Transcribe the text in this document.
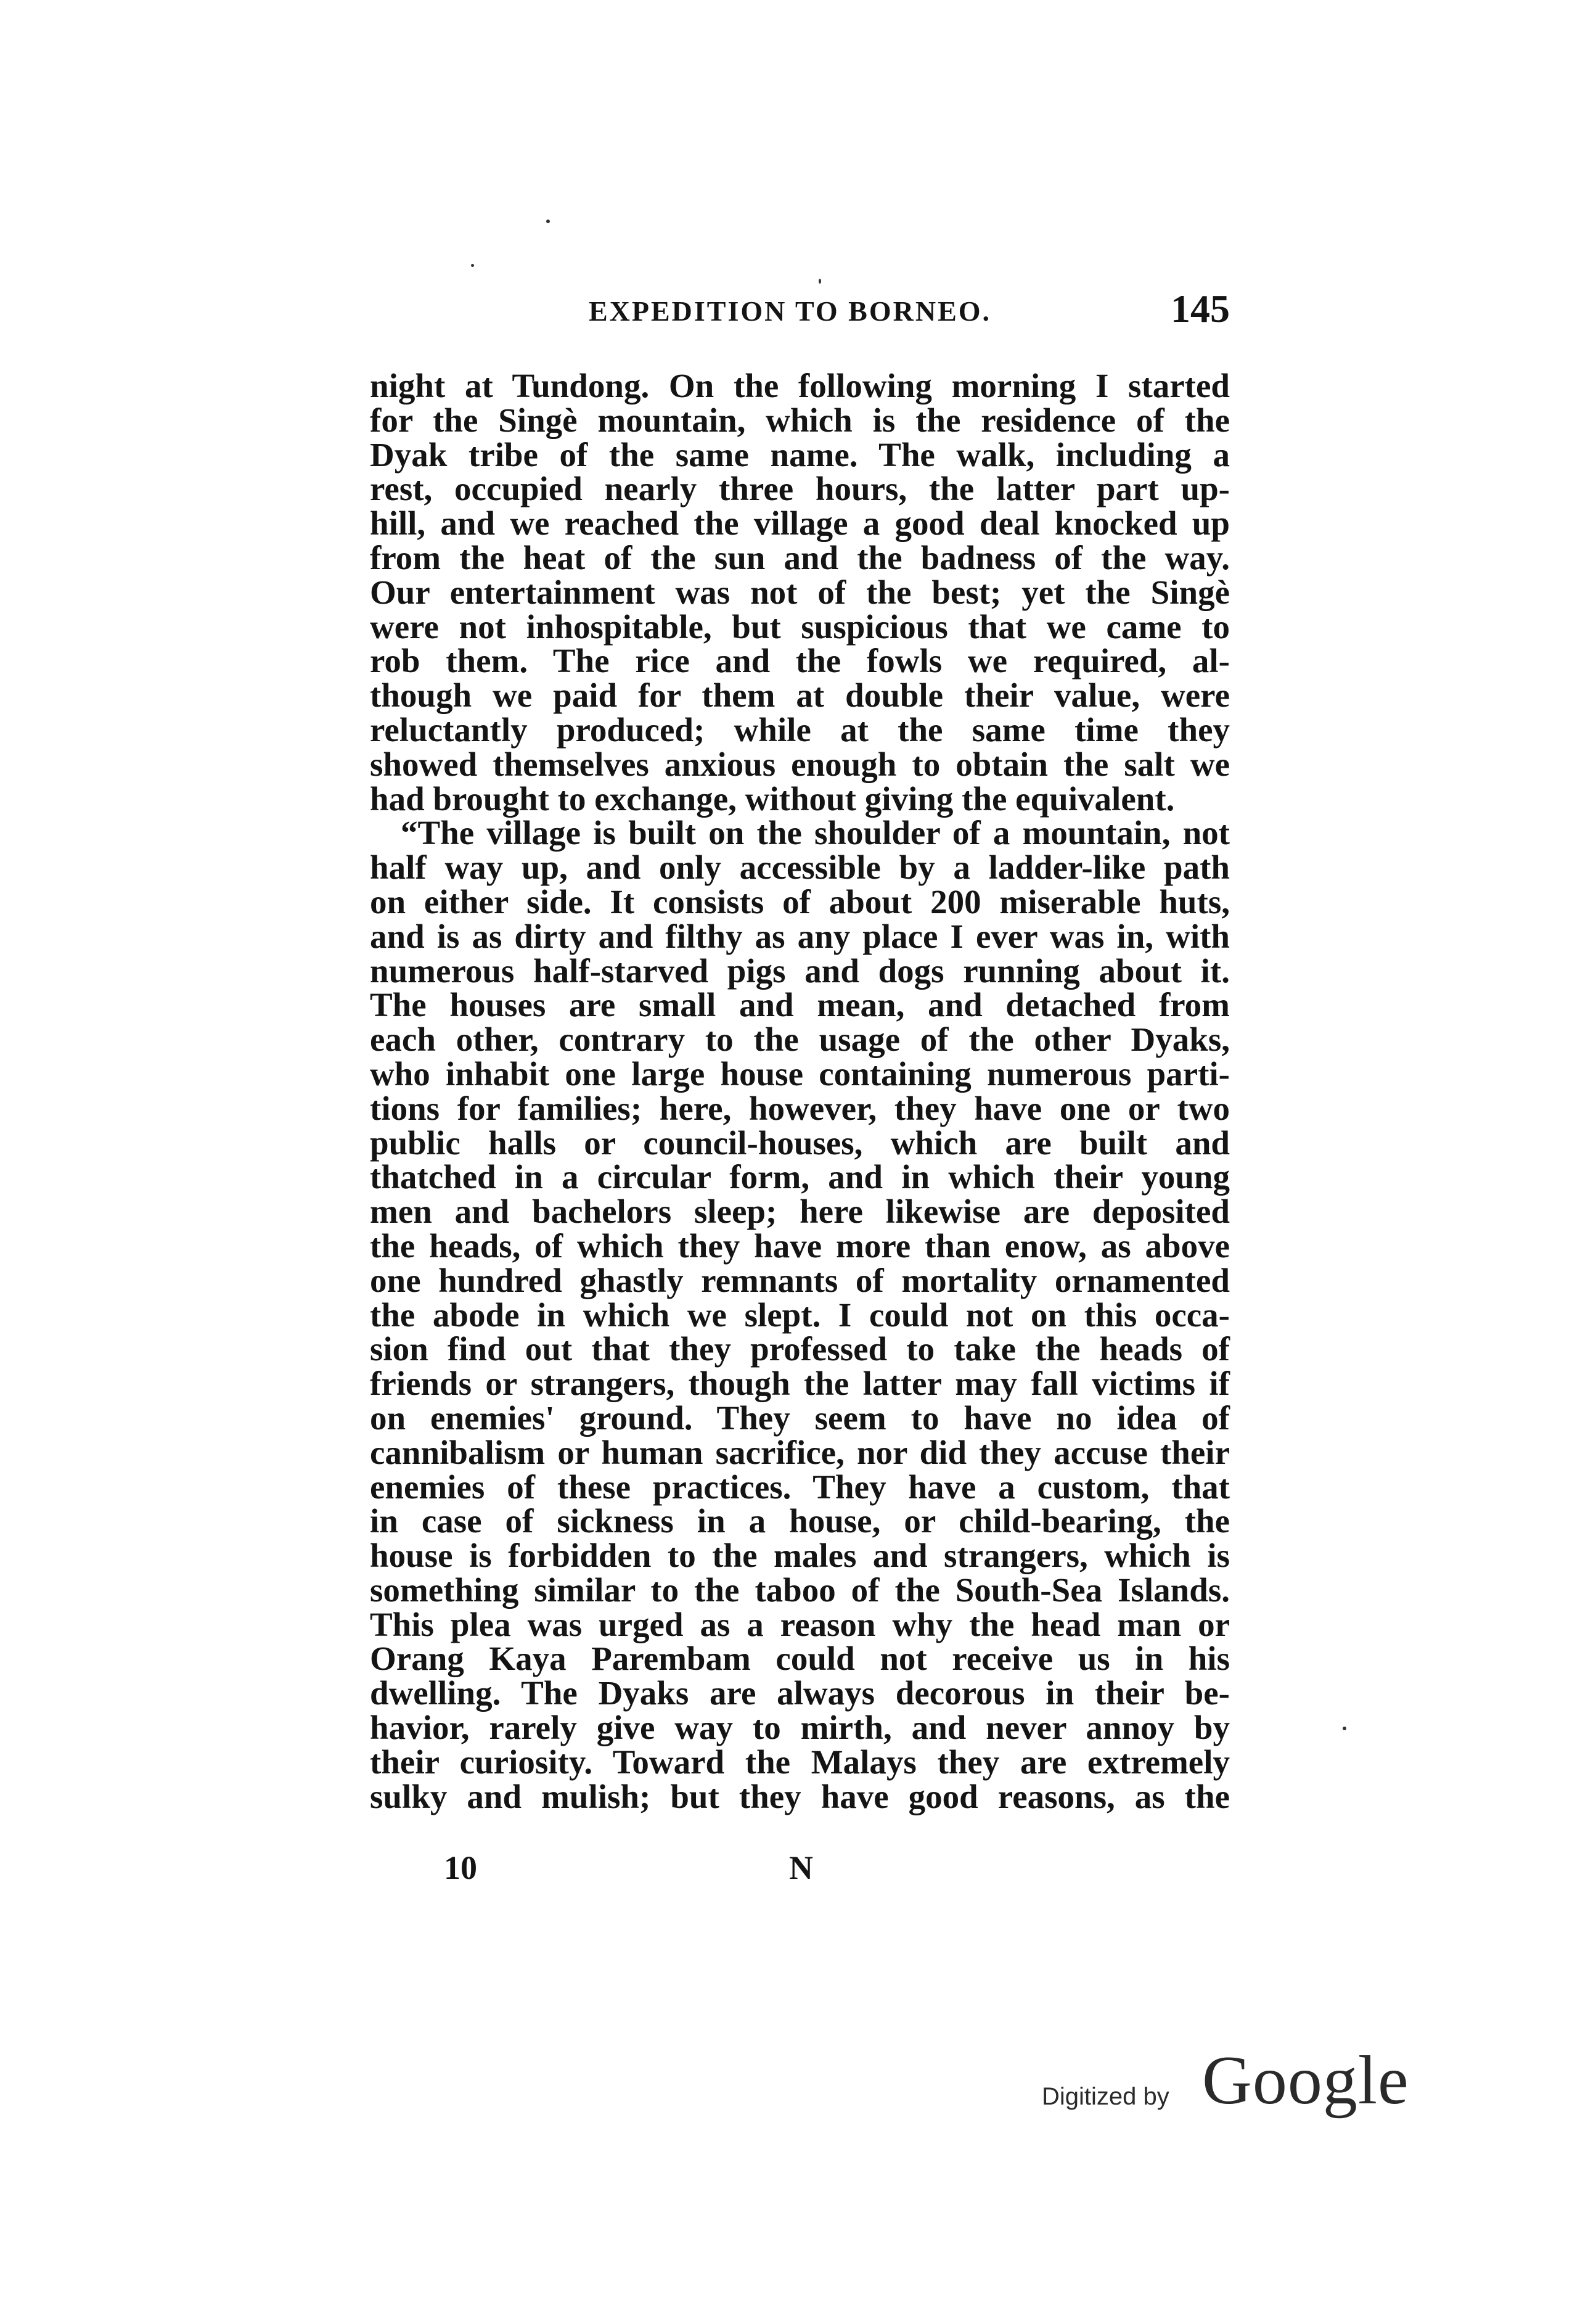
EXPEDITION TO BORNEO.	145
night at Tundong. On the following morning I started
for the Singè mountain, which is the residence of the
Dyak tribe of the same name. The walk, including a
rest, occupied nearly three hours, the latter part up-
hill, and we reached the village a good deal knocked up
from the heat of the sun and the badness of the way.
Our entertainment was not of the best; yet the Singè
were not inhospitable, but suspicious that we came to
rob them. The rice and the fowls we required, al-
though we paid for them at double their value, were
reluctantly produced; while at the same time they
showed themselves anxious enough to obtain the salt we
had brought to exchange, without giving the equivalent.
“The village is built on the shoulder of a mountain, not
half way up, and only accessible by a ladder-like path
on either side. It consists of about 200 miserable huts,
and is as dirty and filthy as any place I ever was in, with
numerous half-starved pigs and dogs running about it.
The houses are small and mean, and detached from
each other, contrary to the usage of the other Dyaks,
who inhabit one large house containing numerous parti-
tions for families; here, however, they have one or two
public halls or council-houses, which are built and
thatched in a circular form, and in which their young
men and bachelors sleep; here likewise are deposited
the heads, of which they have more than enow, as above
one hundred ghastly remnants of mortality ornamented
the abode in which we slept. I could not on this occa-
sion find out that they professed to take the heads of
friends or strangers, though the latter may fall victims if
on enemies' ground. They seem to have no idea of
cannibalism or human sacrifice, nor did they accuse their
enemies of these practices. They have a custom, that
in case of sickness in a house, or child-bearing, the
house is forbidden to the males and strangers, which is
something similar to the taboo of the South-Sea Islands.
This plea was urged as a reason why the head man or
Orang Kaya Parembam could not receive us in his
dwelling. The Dyaks are always decorous in their be-
havior, rarely give way to mirth, and never annoy by
their curiosity. Toward the Malays they are extremely
sulky and mulish; but they have good reasons, as the
10	N
Digitized by Google
